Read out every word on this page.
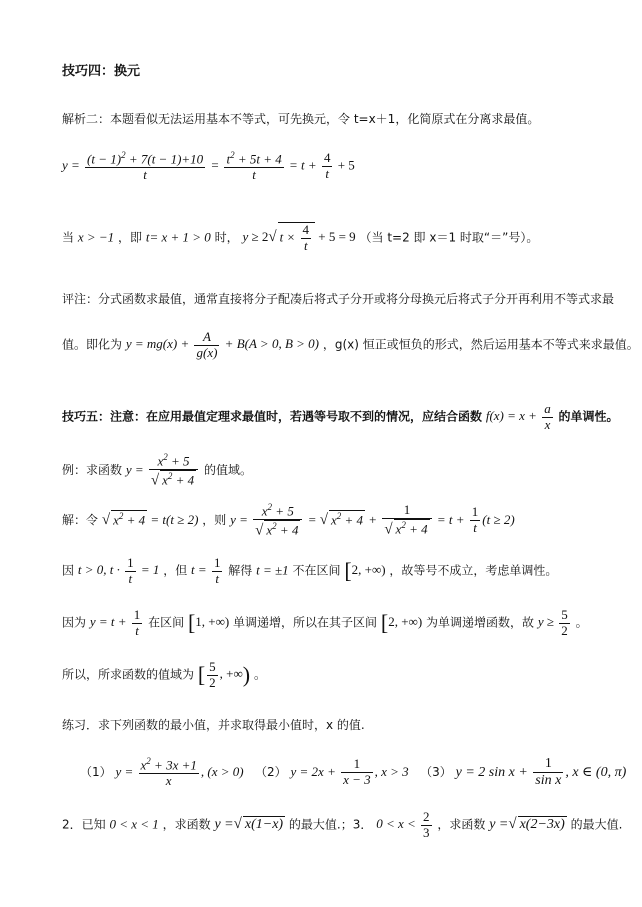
技巧四：换元
解析二：本题看似无法运用基本不等式，可先换元，令 t=x＋1，化简原式在分离求最值。
$y = \frac{(t - 1)^2 + 7(t - 1)+10}{t} = \frac{t^2 + 5t + 4}{t} = t + \frac{4}{t} + 5$
当 x > −1 ，即 t= x + 1 > 0 时， y ≥ 2√ $t \times \frac{4}{t} + 5 = 9$ （当 t=2 即 x＝1 时取“＝”号）。
评注：分式函数求最值，通常直接将分子配凑后将式子分开或将分母换元后将式子分开再利用不等式求最
值。即化为 $y = mg(x) + \frac{A}{g(x)} + B(A > 0$, B > 0) ，g(x) 恒正或恒负的形式，然后运用基本不等式来求最值。
技巧五：注意：在应用最值定理求最值时，若遇等号取不到的情况，应结合函数 $f(x) = x + \frac{a}{x}$ 的单调性。
例：求函数 $y = \frac{x^2 + 5}{√ x^2 + 4}$ 的值域。
解：令 √ $x^2 + 4 = t(t \ge 2)$ ，则 $y = \frac{x^2 + 5}{√ x^2 + 4}$ = √ $x^2 + 4 + \frac{1}{√ x^2 + 4} = t + \frac{1}{t} (t \ge 2)$
因 t > 0, $t \cdot \frac{1}{t} = 1$ ，但 $t = \frac{1}{t}$ 解得 t = ±1 不在区间 [2, +∞) ，故等号不成立，考虑单调性。
因为 $y = t + \frac{1}{t}$ 在区间 [1, +∞) 单调递增，所以在其子区间 [2, +∞) 为单调递增函数，故 $y \ge \frac{5}{2}$ 。
所以，所求函数的值域为 [ $\frac{5}{2}$ , +∞) 。
练习．求下列函数的最小值，并求取得最小值时，x 的值.
（1） $y = \frac{x^2 + 3x +1}{x}$ , (x > 0) （2） $y = 2x + \frac{1}{x - 3}$ , x > 3 （3） y = 2 $\sin x + \frac{1}{\text{sin x}}$ , x ∈ (0, π)
2．已知 0 < x < 1 ，求函数 y =√ x(1−x) 的最大值.；3． $0 < x < \frac{2}{3}$ ，求函数 y =√ x(2−3x) 的最大值.
